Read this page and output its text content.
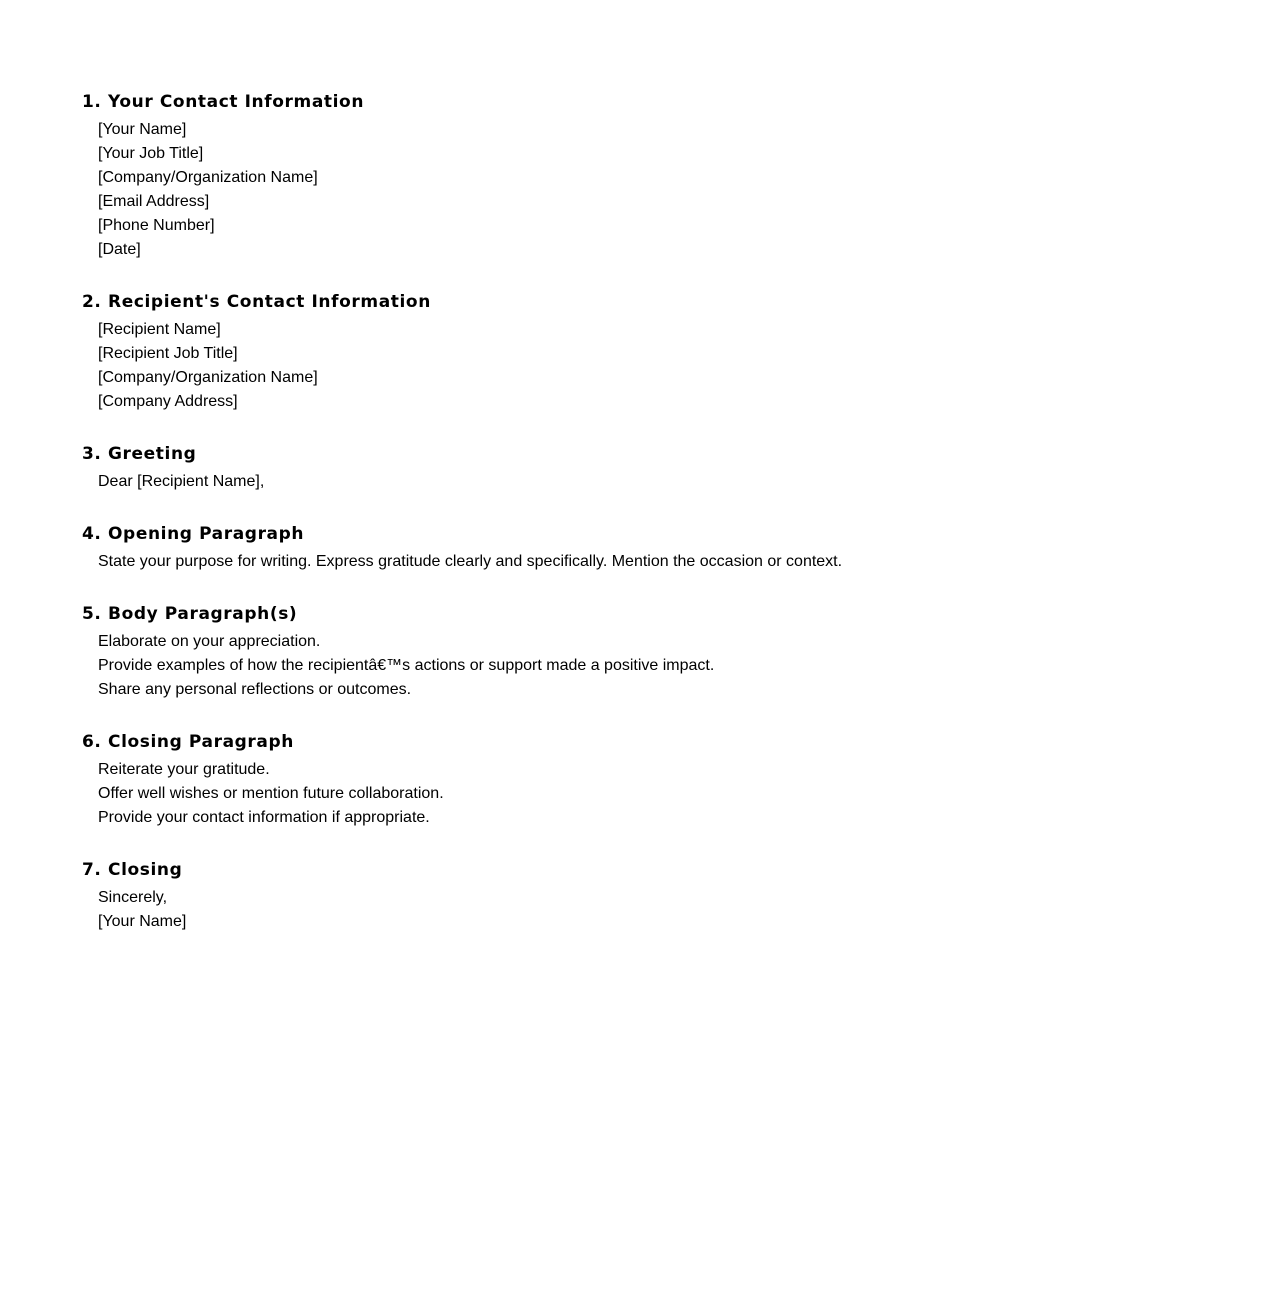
1. Your Contact Information
[Your Name]
[Your Job Title]
[Company/Organization Name]
[Email Address]
[Phone Number]
[Date]
2. Recipient's Contact Information
[Recipient Name]
[Recipient Job Title]
[Company/Organization Name]
[Company Address]
3. Greeting
Dear [Recipient Name],
4. Opening Paragraph
State your purpose for writing. Express gratitude clearly and specifically. Mention the occasion or context.
5. Body Paragraph(s)
Elaborate on your appreciation.
Provide examples of how the recipientâ€™s actions or support made a positive impact.
Share any personal reflections or outcomes.
6. Closing Paragraph
Reiterate your gratitude.
Offer well wishes or mention future collaboration.
Provide your contact information if appropriate.
7. Closing
Sincerely,
[Your Name]
